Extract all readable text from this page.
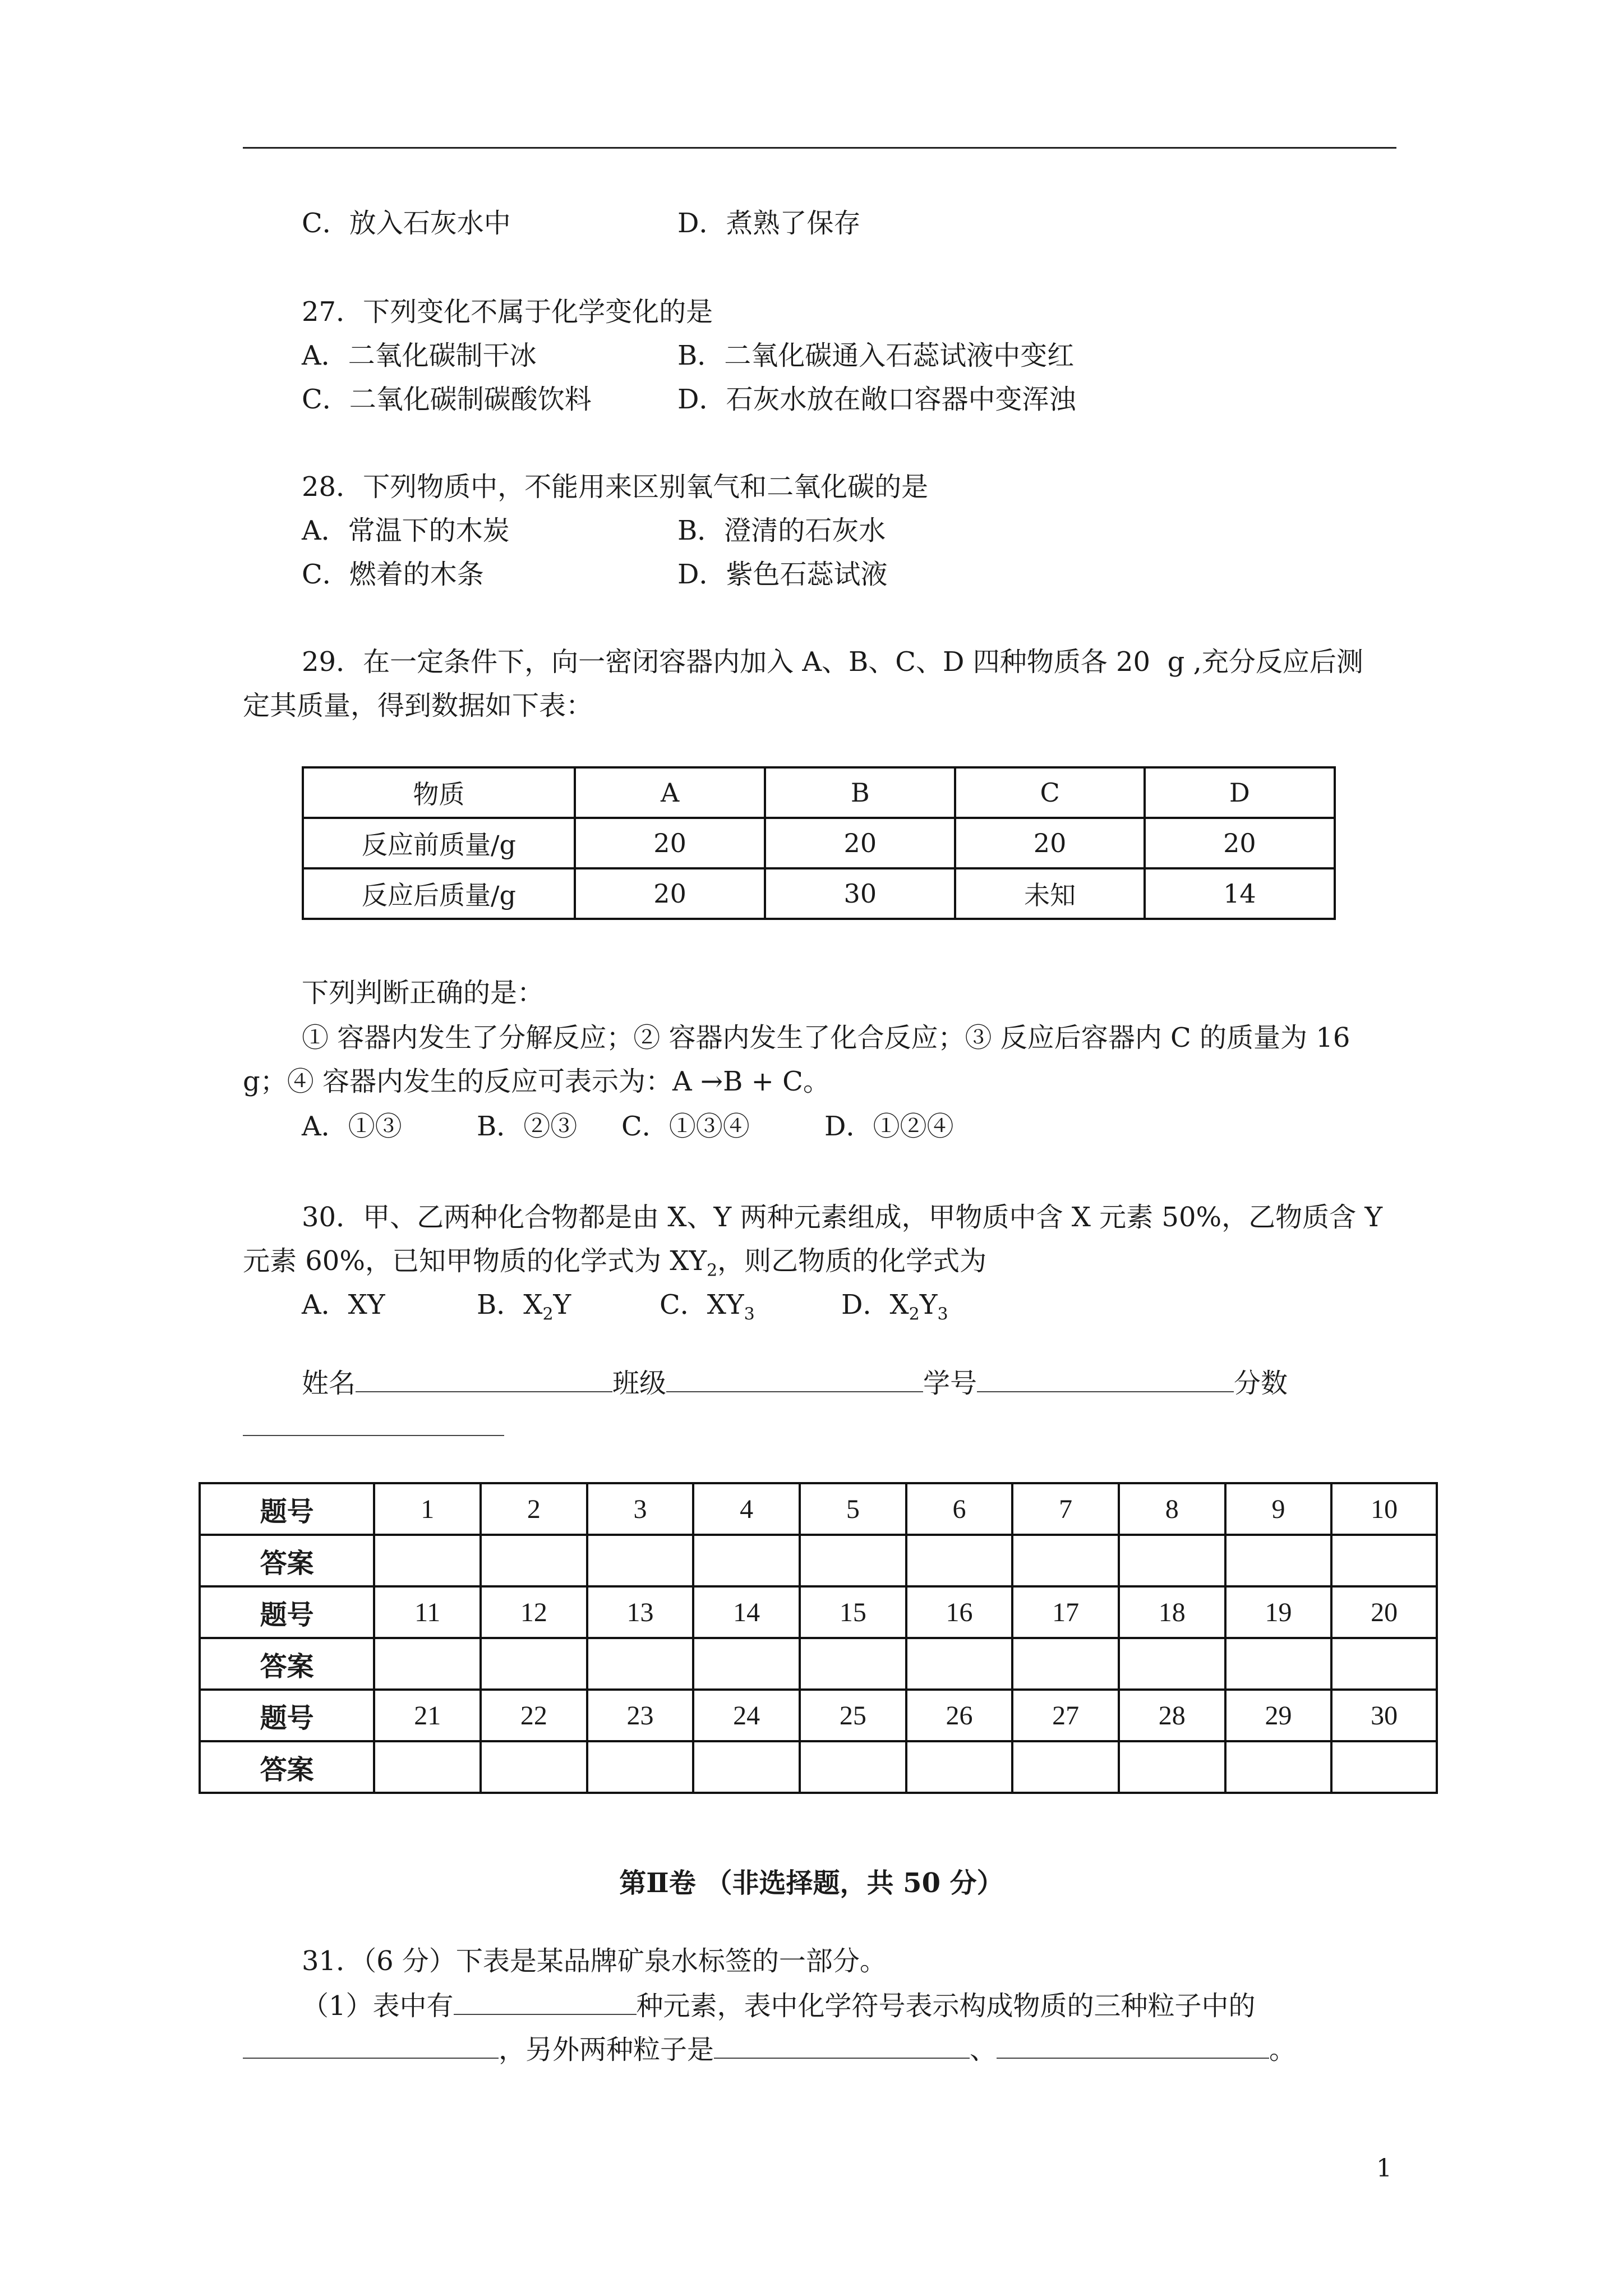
C．放入石灰水中	D．煮熟了保存
27．下列变化不属于化学变化的是
A．二氧化碳制干冰	B．二氧化碳通入石蕊试液中变红
C．二氧化碳制碳酸饮料	D．石灰水放在敞口容器中变浑浊
28．下列物质中，不能用来区别氧气和二氧化碳的是
A．常温下的木炭	B．澄清的石灰水
C．燃着的木条	D．紫色石蕊试液
29．在一定条件下，向一密闭容器内加入 A、B、C、D 四种物质各 20  g ,充分反应后测
定其质量，得到数据如下表：
物质	A	B	C	D
反应前质量/g	20	20	20	20
反应后质量/g	20	30	未知	14
下列判断正确的是：
① 容器内发生了分解反应；② 容器内发生了化合反应；③ 反应后容器内 C 的质量为 16
g；④ 容器内发生的反应可表示为：A →B + C。
A．①③	B．②③ C．①③④	D．①②④
30．甲、乙两种化合物都是由 X、Y 两种元素组成，甲物质中含 X 元素 50%，乙物质含 Y
元素 60%，已知甲物质的化学式为 $XY_2$，则乙物质的化学式为
A．XY	B．$X_2Y$	C．$XY_3$	D．$X_2Y_3$
姓名	班级	学号	分数
题号	1	2	3	4	5	6	7	8	9	10
答案										
题号	11	12	13	14	15	16	17	18	19	20
答案										
题号	21	22	23	24	25	26	27	28	29	30
答案										
第Ⅱ卷 （非选择题，共 50 分）
31．（6 分）下表是某品牌矿泉水标签的一部分。
（1）表中有	种元素，表中化学符号表示构成物质的三种粒子中的
，另外两种粒子是	、	。
1
